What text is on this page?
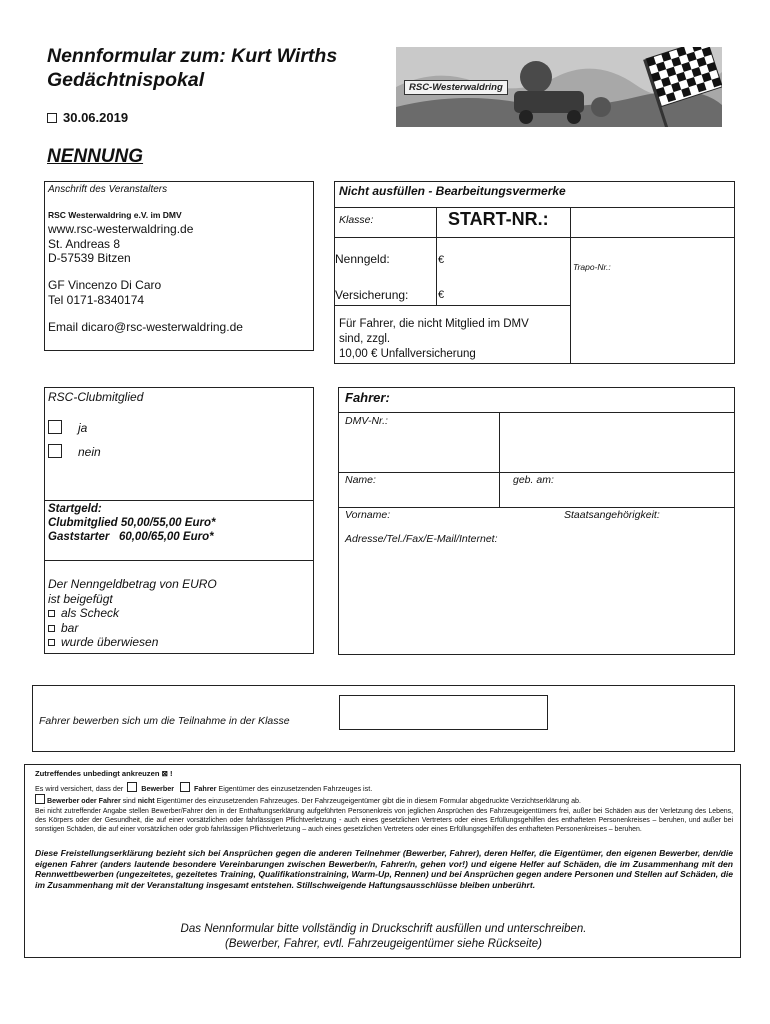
Nennformular zum: Kurt Wirths
Gedächtnispokal
30.06.2019
NENNUNG
RSC-Westerwaldring
Anschrift des Veranstalters
RSC Westerwaldring e.V. im DMV
www.rsc-westerwaldring.de
St. Andreas 8
D-57539 Bitzen
GF Vincenzo Di Caro
Tel 0171-8340174
Email dicaro@rsc-westerwaldring.de
Nicht ausfüllen - Bearbeitungsvermerke
Klasse:	START-NR.:
Nenngeld:	€
Trapo-Nr.:
Versicherung:	€
Für Fahrer, die nicht Mitglied im DMV
sind, zzgl.
10,00 € Unfallversicherung
RSC-Clubmitglied
ja
nein
Startgeld:
Clubmitglied 50,00/55,00 Euro*
Gaststarter   60,00/65,00 Euro*
Der Nenngeldbetrag von EURO
ist beigefügt
als Scheck
bar
wurde überwiesen
Fahrer:
DMV-Nr.:
Name:	geb. am:
Vorname:	Staatsangehörigkeit:
Adresse/Tel./Fax/E-Mail/Internet:
Fahrer bewerben sich um die Teilnahme in der Klasse
Zutreffendes unbedingt ankreuzen ⊠ !
Es wird versichert, dass der	Bewerber	Fahrer Eigentümer des einzusetzenden Fahrzeuges ist.
Bewerber oder Fahrer sind nicht Eigentümer des einzusetzenden Fahrzeuges. Der Fahrzeugeigentümer gibt die in diesem Formular abgedruckte Verzichtserklärung ab.
Bei nicht zutreffender Angabe stellen Bewerber/Fahrer den in der Enthaftungserklärung aufgeführten Personenkreis von jeglichen Ansprüchen des Fahrzeugeigentümers frei, außer bei Schäden aus der Verletzung des Lebens, des Körpers oder der Gesundheit, die auf einer vorsätzlichen oder fahrlässigen Pflichtverletzung - auch eines gesetzlichen Vertreters oder eines Erfüllungsgehilfen des enthafteten Personenkreises – beruhen, und außer bei sonstigen Schäden, die auf einer vorsätzlichen oder grob fahrlässigen Pflichtverletzung – auch eines gesetzlichen Vertreters oder eines Erfüllungsgehilfen des enthafteten Personenkreises – beruhen.
Diese Freistellungserklärung bezieht sich bei Ansprüchen gegen die anderen Teilnehmer (Bewerber, Fahrer), deren Helfer, die Eigentümer, den eigenen Bewerber, den/die eigenen Fahrer (anders lautende besondere Vereinbarungen zwischen Bewerber/n, Fahrer/n, gehen vor!) und eigene Helfer auf Schäden, die im Zusammenhang mit den Rennwettbewerben (ungezeitetes, gezeitetes Training, Qualifikationstraining, Warm-Up, Rennen) und bei Ansprüchen gegen andere Personen und Stellen auf Schäden, die im Zusammenhang mit der Veranstaltung insgesamt entstehen. Stillschweigende Haftungsausschlüsse bleiben unberührt.
Das Nennformular bitte vollständig in Druckschrift ausfüllen und unterschreiben.
(Bewerber, Fahrer, evtl. Fahrzeugeigentümer siehe Rückseite)
